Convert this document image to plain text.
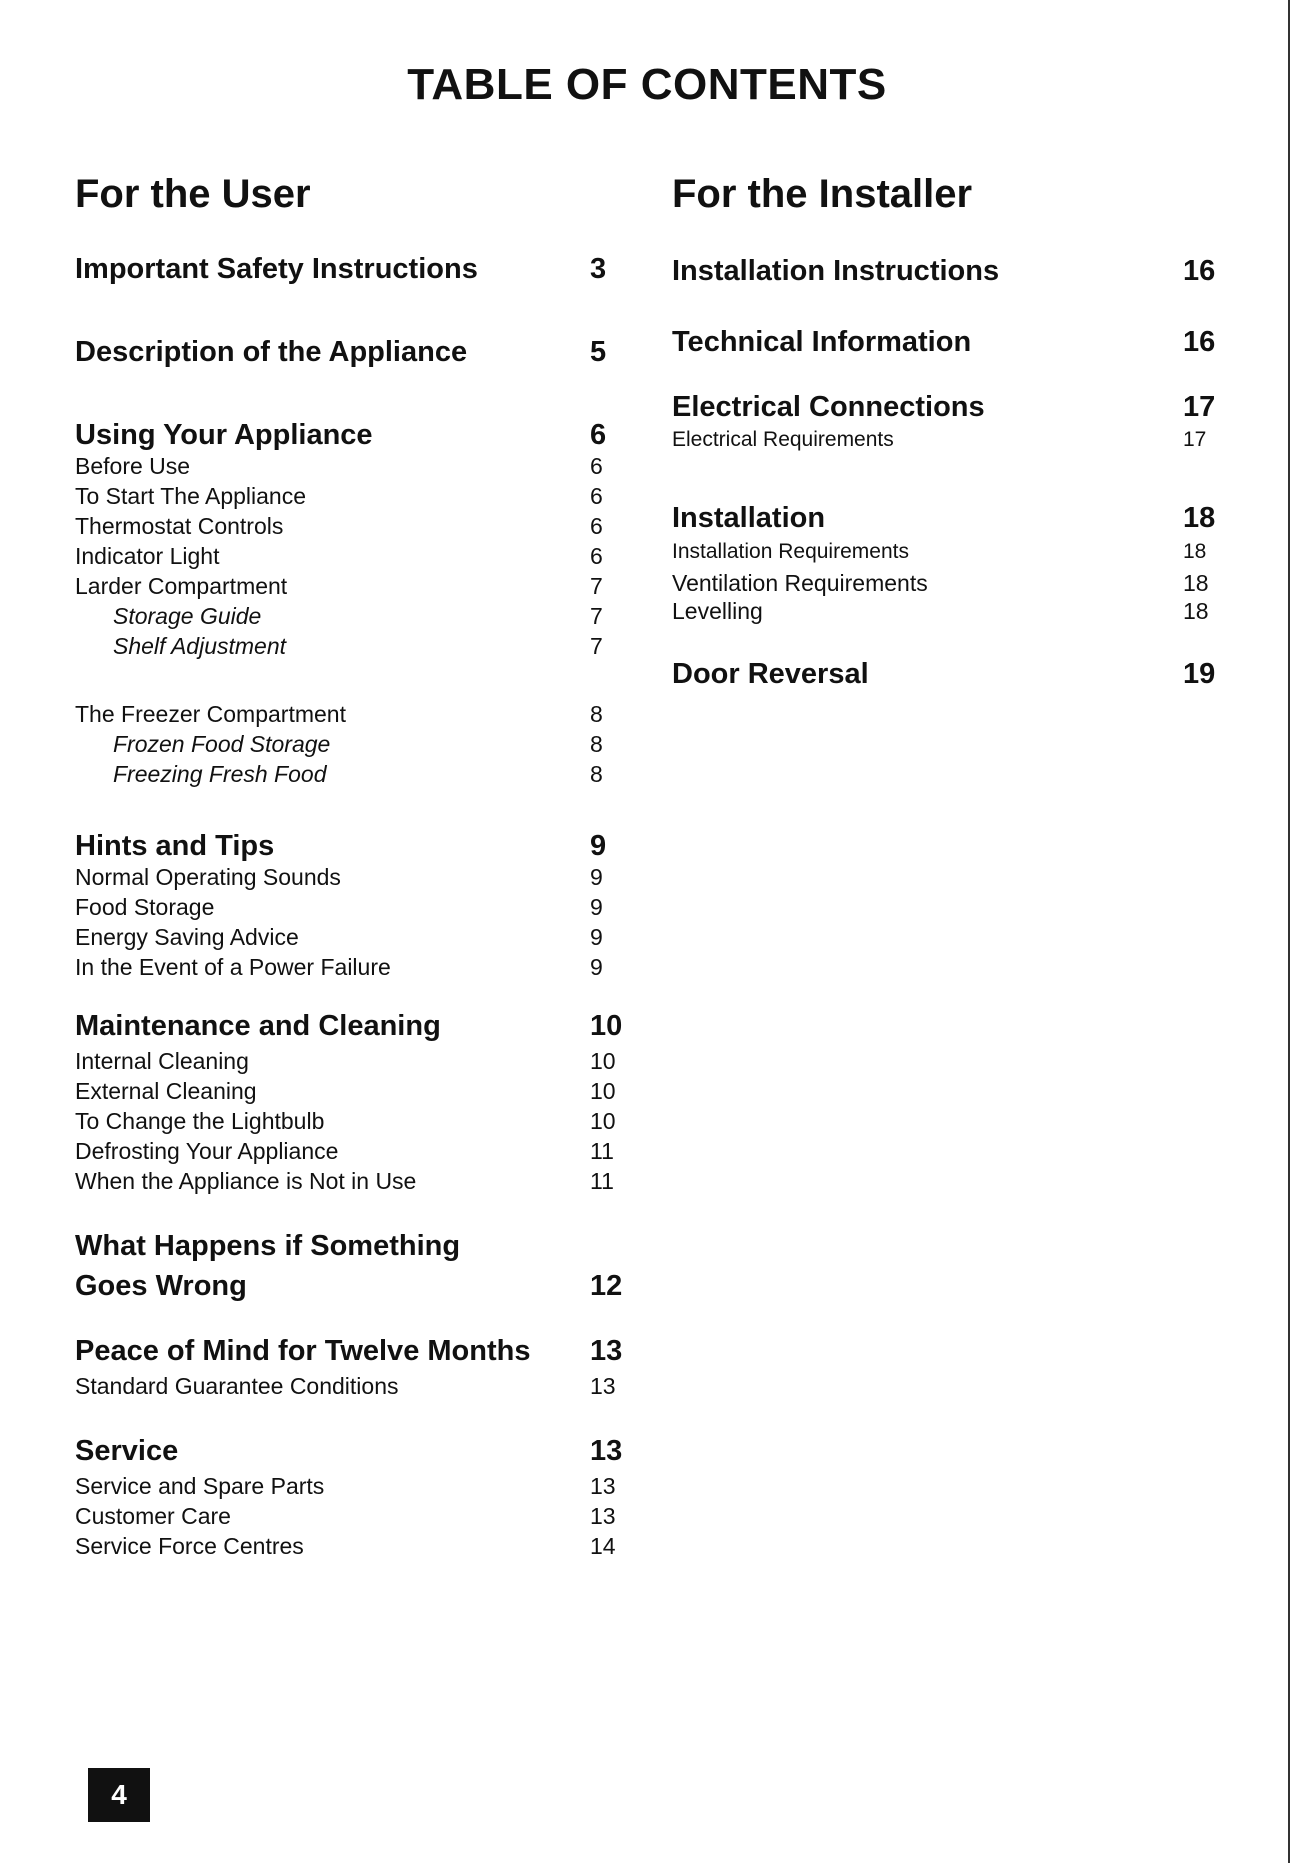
TABLE OF CONTENTS
For the User	For the Installer
Important Safety Instructions	3
Description of the Appliance	5
Using Your Appliance	6
Before Use	6
To Start The Appliance	6
Thermostat Controls	6
Indicator Light	6
Larder Compartment	7
Storage Guide	7
Shelf Adjustment	7
The Freezer Compartment	8
Frozen Food Storage	8
Freezing Fresh Food	8
Hints and Tips	9
Normal Operating Sounds	9
Food Storage	9
Energy Saving Advice	9
In the Event of a Power Failure	9
Maintenance and Cleaning	10
Internal Cleaning	10
External Cleaning	10
To Change the Lightbulb	10
Defrosting Your Appliance	11
When the Appliance is Not in Use	11
What Happens if Something
Goes Wrong	12
Peace of Mind for Twelve Months 13
Standard Guarantee Conditions	13
Service	13
Service and Spare Parts	13
Customer Care	13
Service Force Centres	14
Installation Instructions	16
Technical Information	16
Electrical Connections	17
Electrical Requirements	17
Installation	18
Installation Requirements	18
Ventilation Requirements	18
Levelling	18
Door Reversal	19
4
